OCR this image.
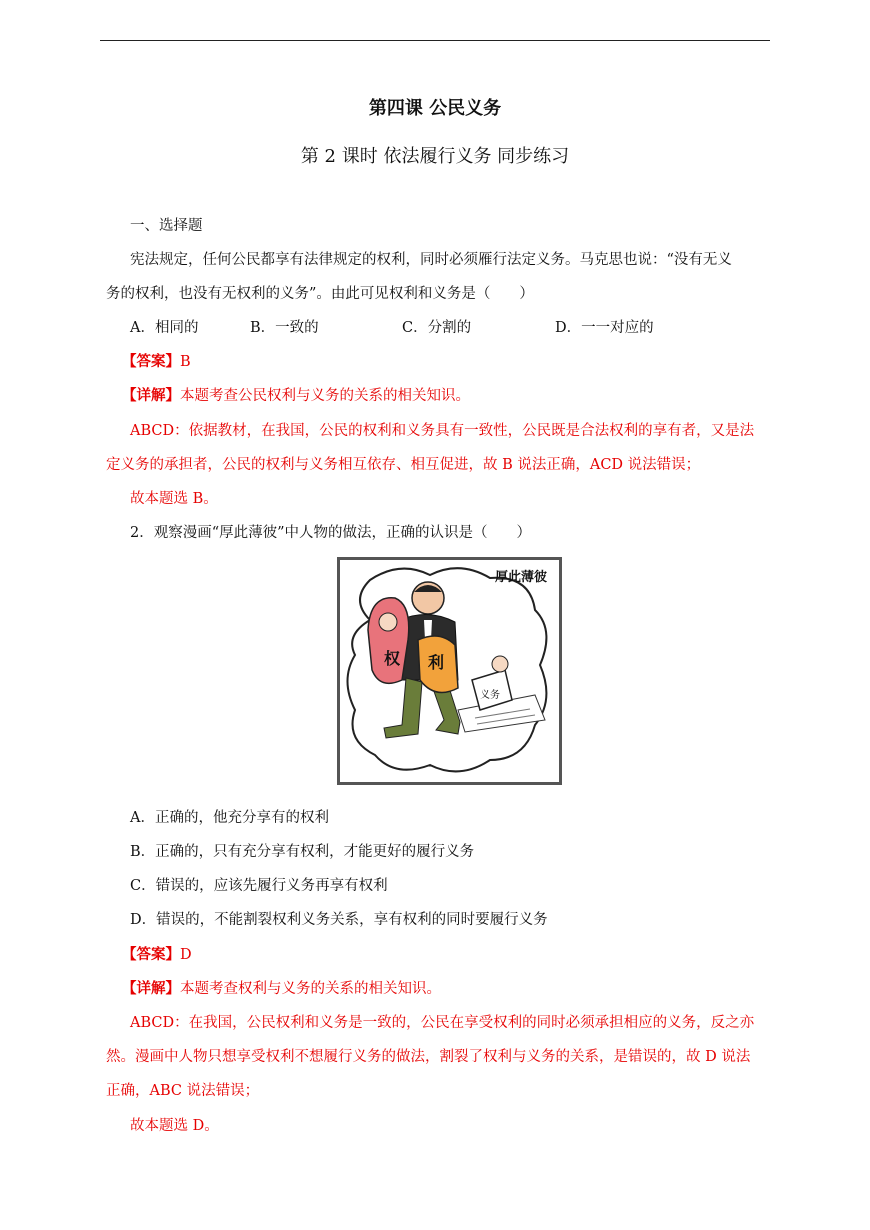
第四课 公民义务
第 2 课时 依法履行义务 同步练习
一、选择题
宪法规定，任何公民都享有法律规定的权利，同时必须雁行法定义务。马克思也说：“没有无义
务的权利，也没有无权利的义务”。由此可见权利和义务是（　　）
A．相同的	B．一致的	C．分割的	D．一一对应的
【答案】B
【详解】本题考查公民权利与义务的关系的相关知识。
ABCD：依据教材，在我国，公民的权利和义务具有一致性，公民既是合法权利的享有者，又是法
定义务的承担者，公民的权利与义务相互依存、相互促进，故 B 说法正确，ACD 说法错误；
故本题选 B。
2．观察漫画“厚此薄彼”中人物的做法，正确的认识是（　　）
权 利
义务
厚此薄彼
A．正确的，他充分享有的权利
B．正确的，只有充分享有权利，才能更好的履行义务
C．错误的，应该先履行义务再享有权利
D．错误的，不能割裂权利义务关系，享有权利的同时要履行义务
【答案】D
【详解】本题考查权利与义务的关系的相关知识。
ABCD：在我国，公民权利和义务是一致的，公民在享受权利的同时必须承担相应的义务，反之亦
然。漫画中人物只想享受权利不想履行义务的做法，割裂了权利与义务的关系，是错误的，故 D 说法
正确，ABC 说法错误；
故本题选 D。
